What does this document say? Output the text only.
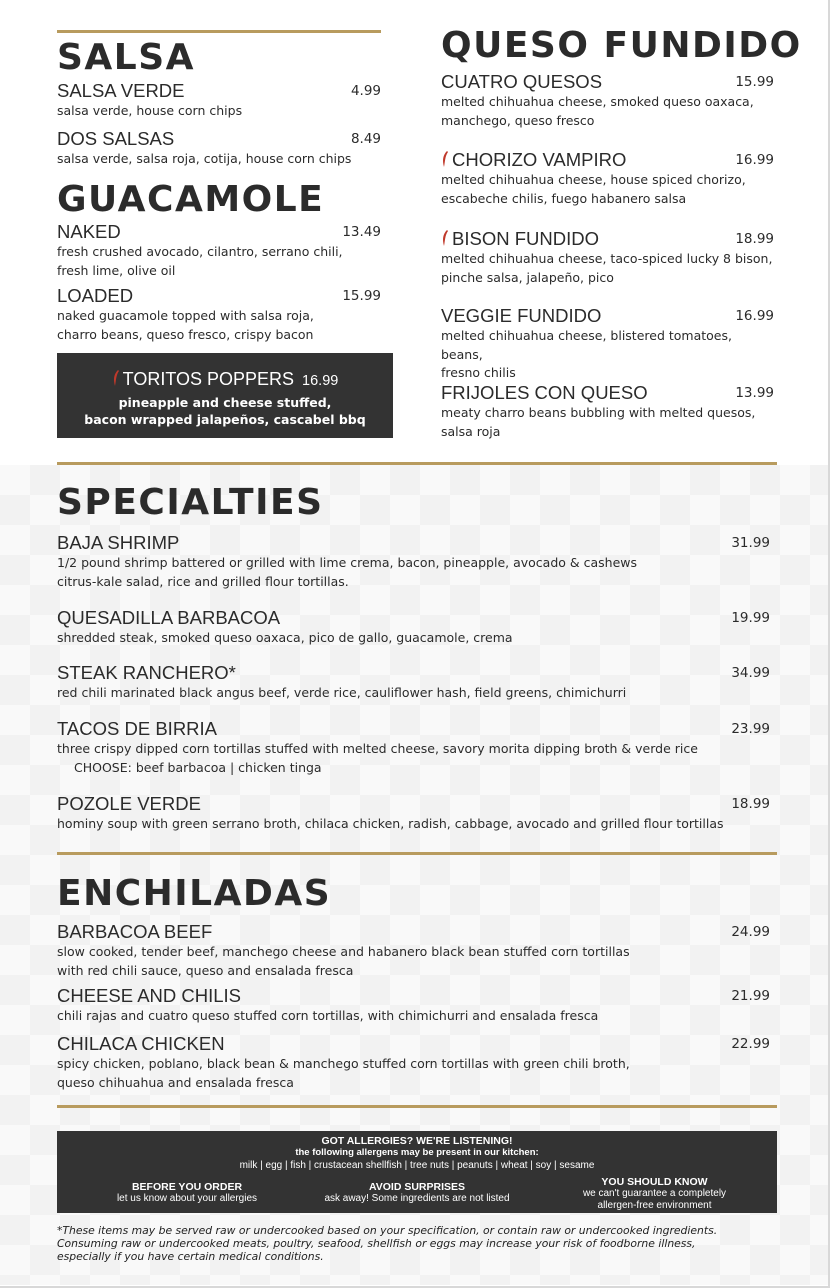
SALSA
SALSA VERDE	4.99
salsa verde, house corn chips
DOS SALSAS	8.49
salsa verde, salsa roja, cotija, house corn chips
GUACAMOLE
NAKED	13.49
fresh crushed avocado, cilantro, serrano chili,
fresh lime, olive oil
LOADED	15.99
naked guacamole topped with salsa roja,
charro beans, queso fresco, crispy bacon
TORITOS POPPERS 16.99
pineapple and cheese stuffed,
bacon wrapped jalapeños, cascabel bbq
QUESO FUNDIDO
CUATRO QUESOS	15.99
melted chihuahua cheese, smoked queso oaxaca,
manchego, queso fresco
CHORIZO VAMPIRO	16.99
melted chihuahua cheese, house spiced chorizo,
escabeche chilis, fuego habanero salsa
BISON FUNDIDO	18.99
melted chihuahua cheese, taco-spiced lucky 8 bison,
pinche salsa, jalapeño, pico
VEGGIE FUNDIDO	16.99
melted chihuahua cheese, blistered tomatoes, beans,
fresno chilis
FRIJOLES CON QUESO	13.99
meaty charro beans bubbling with melted quesos,
salsa roja
SPECIALTIES
BAJA SHRIMP	31.99
1/2 pound shrimp battered or grilled with lime crema, bacon, pineapple, avocado & cashews
citrus-kale salad, rice and grilled flour tortillas.
QUESADILLA BARBACOA	19.99
shredded steak, smoked queso oaxaca, pico de gallo, guacamole, crema
STEAK RANCHERO*	34.99
red chili marinated black angus beef, verde rice, cauliflower hash, field greens, chimichurri
TACOS DE BIRRIA	23.99
three crispy dipped corn tortillas stuffed with melted cheese, savory morita dipping broth & verde rice
CHOOSE: beef barbacoa | chicken tinga
POZOLE VERDE	18.99
hominy soup with green serrano broth, chilaca chicken, radish, cabbage, avocado and grilled flour tortillas
ENCHILADAS
BARBACOA BEEF	24.99
slow cooked, tender beef, manchego cheese and habanero black bean stuffed corn tortillas
with red chili sauce, queso and ensalada fresca
CHEESE AND CHILIS	21.99
chili rajas and cuatro queso stuffed corn tortillas, with chimichurri and ensalada fresca
CHILACA CHICKEN	22.99
spicy chicken, poblano, black bean & manchego stuffed corn tortillas with green chili broth,
queso chihuahua and ensalada fresca
GOT ALLERGIES? WE'RE LISTENING!
the following allergens may be present in our kitchen:
milk | egg | fish | crustacean shellfish | tree nuts | peanuts | wheat | soy | sesame
BEFORE YOU ORDER
let us know about your allergies
AVOID SURPRISES
ask away! Some ingredients are not listed
YOU SHOULD KNOW
we can't guarantee a completely
allergen-free environment
*These items may be served raw or undercooked based on your specification, or contain raw or undercooked ingredients.
Consuming raw or undercooked meats, poultry, seafood, shellfish or eggs may increase your risk of foodborne illness,
especially if you have certain medical conditions.
